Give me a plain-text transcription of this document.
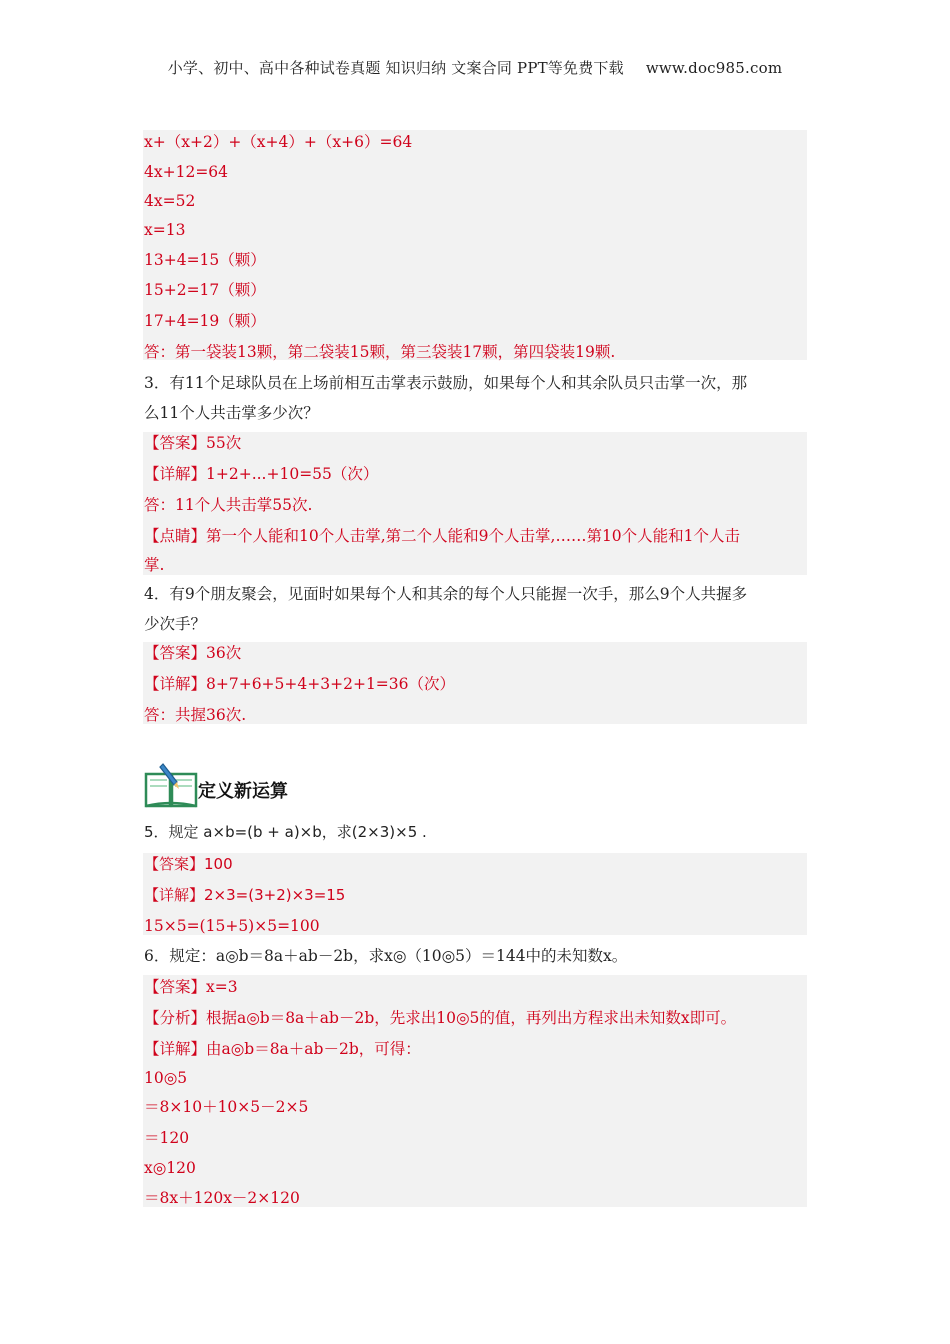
小学、初中、高中各种试卷真题 知识归纳 文案合同 PPT等免费下载 www.doc985.com
x+（x+2）+（x+4）+（x+6）=64
4x+12=64
4x=52
x=13
13+4=15（颗）
15+2=17（颗）
17+4=19（颗）
答：第一袋装13颗，第二袋装15颗，第三袋装17颗，第四袋装19颗.
3．有11个足球队员在上场前相互击掌表示鼓励，如果每个人和其余队员只击掌一次，那
么11个人共击掌多少次？
【答案】55次
【详解】1+2+...+10=55（次）
答：11个人共击掌55次.
【点睛】第一个人能和10个人击掌,第二个人能和9个人击掌,……第10个人能和1个人击
掌.
4．有9个朋友聚会，见面时如果每个人和其余的每个人只能握一次手，那么9个人共握多
少次手？
【答案】36次
【详解】8+7+6+5+4+3+2+1=36（次）
答：共握36次.
定义新运算
5．规定 a×b=(b + a)×b，求(2×3)×5 .
【答案】100
【详解】2×3=(3+2)×3=15
15×5=(15+5)×5=100
6．规定：a◎b＝8a＋ab－2b，求x◎（10◎5）＝144中的未知数x。
【答案】x=3
【分析】根据a◎b＝8a＋ab－2b，先求出10◎5的值，再列出方程求出未知数x即可。
【详解】由a◎b＝8a＋ab－2b，可得：
10◎5
＝8×10＋10×5－2×5
＝120
x◎120
＝8x＋120x－2×120
